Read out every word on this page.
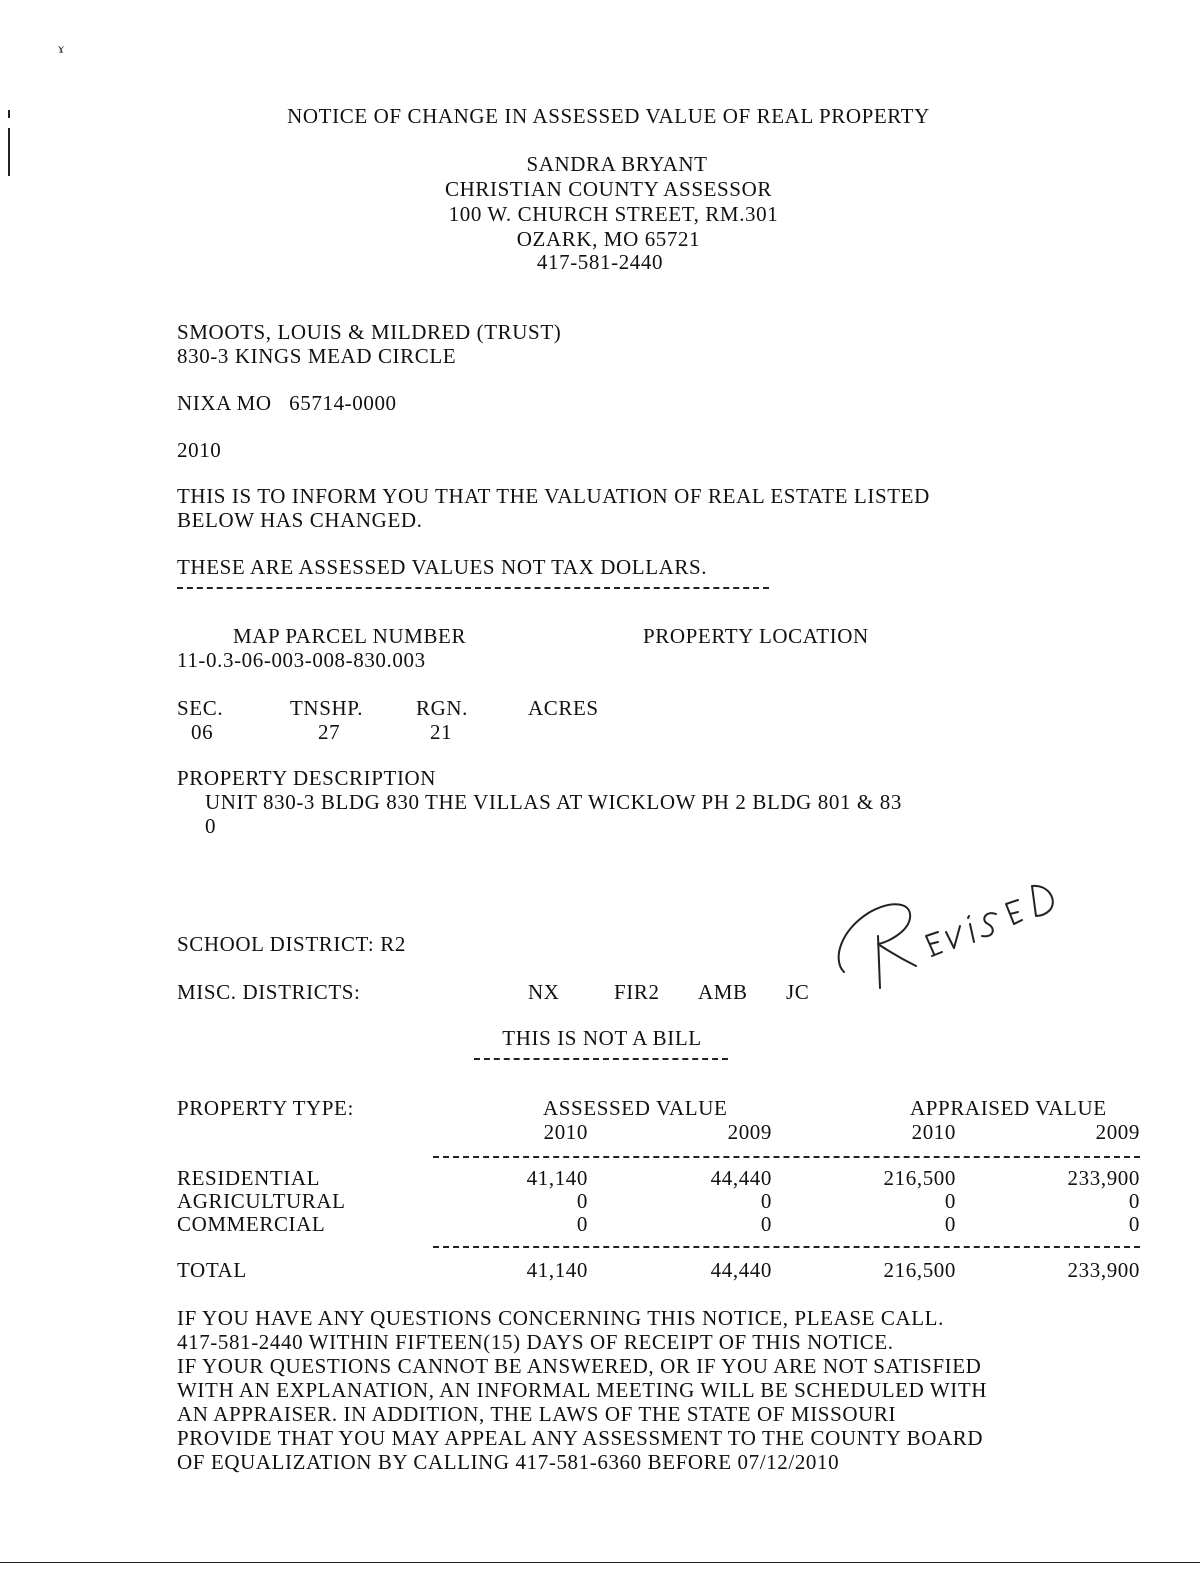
ɤ
NOTICE OF CHANGE IN ASSESSED VALUE OF REAL PROPERTY
SANDRA BRYANT
CHRISTIAN COUNTY ASSESSOR
100 W. CHURCH STREET, RM.301
OZARK, MO 65721
417-581-2440
SMOOTS, LOUIS & MILDRED (TRUST)
830-3 KINGS MEAD CIRCLE
NIXA MO   65714-0000
2010
THIS IS TO INFORM YOU THAT THE VALUATION OF REAL ESTATE LISTED
BELOW HAS CHANGED.
THESE ARE ASSESSED VALUES NOT TAX DOLLARS.
MAP PARCEL NUMBER	PROPERTY LOCATION
11-0.3-06-003-008-830.003
SEC.	TNSHP.	RGN.	ACRES
06	27	21
PROPERTY DESCRIPTION
UNIT 830-3 BLDG 830 THE VILLAS AT WICKLOW PH 2 BLDG 801 & 83
0
SCHOOL DISTRICT: R2
MISC. DISTRICTS:	NX	FIR2 AMB JC
REVISED
THIS IS NOT A BILL
PROPERTY TYPE:	ASSESSED VALUE	APPRAISED VALUE
2010	2009	2010	2009
RESIDENTIAL	41,140	44,440	216,500	233,900
AGRICULTURAL	0	0	0	0
COMMERCIAL	0	0	0	0
TOTAL	41,140	44,440	216,500	233,900
IF YOU HAVE ANY QUESTIONS CONCERNING THIS NOTICE, PLEASE CALL.
417-581-2440 WITHIN FIFTEEN(15) DAYS OF RECEIPT OF THIS NOTICE.
IF YOUR QUESTIONS CANNOT BE ANSWERED, OR IF YOU ARE NOT SATISFIED
WITH AN EXPLANATION, AN INFORMAL MEETING WILL BE SCHEDULED WITH
AN APPRAISER. IN ADDITION, THE LAWS OF THE STATE OF MISSOURI
PROVIDE THAT YOU MAY APPEAL ANY ASSESSMENT TO THE COUNTY BOARD
OF EQUALIZATION BY CALLING 417-581-6360 BEFORE 07/12/2010
